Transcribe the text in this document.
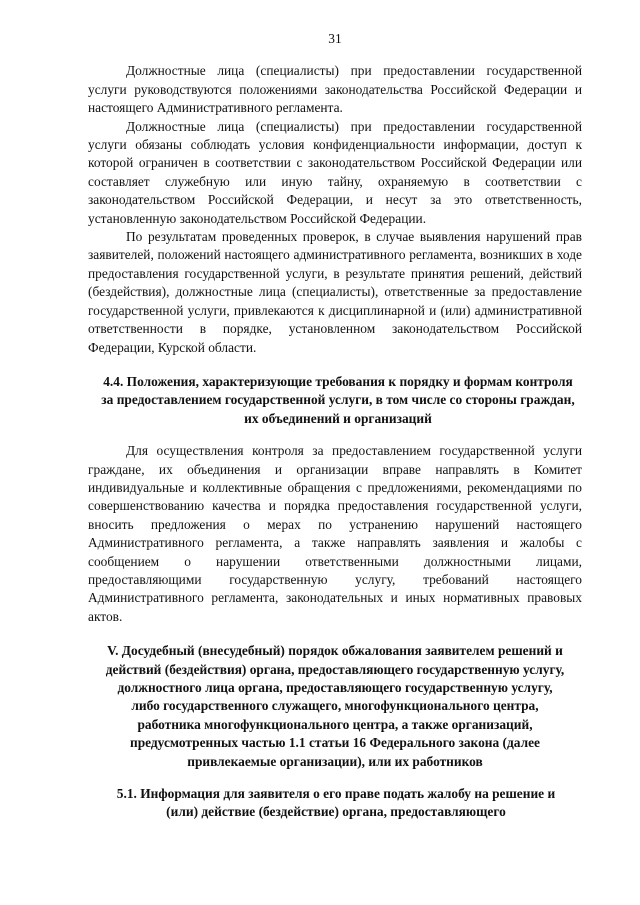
31

Должностные лица (специалисты) при предоставлении государственной услуги руководствуются положениями законодательства Российской Федерации и настоящего Административного регламента.

Должностные лица (специалисты) при предоставлении государственной услуги обязаны соблюдать условия конфиденциальности информации, доступ к которой ограничен в соответствии с законодательством Российской Федерации или составляет служебную или иную тайну, охраняемую в соответствии с законодательством Российской Федерации, и несут за это ответственность, установленную законодательством Российской Федерации.

По результатам проведенных проверок, в случае выявления нарушений прав заявителей, положений настоящего административного регламента, возникших в ходе предоставления государственной услуги, в результате принятия решений, действий (бездействия), должностные лица (специалисты), ответственные за предоставление государственной услуги, привлекаются к дисциплинарной и (или) административной ответственности в порядке, установленном законодательством Российской Федерации, Курской области.

4.4. Положения, характеризующие требования к порядку и формам контроля за предоставлением государственной услуги, в том числе со стороны граждан, их объединений и организаций

Для осуществления контроля за предоставлением государственной услуги граждане, их объединения и организации вправе направлять в Комитет индивидуальные и коллективные обращения с предложениями, рекомендациями по совершенствованию качества и порядка предоставления государственной услуги, вносить предложения о мерах по устранению нарушений настоящего Административного регламента, а также направлять заявления и жалобы с сообщением о нарушении ответственными должностными лицами, предоставляющими государственную услугу, требований настоящего Административного регламента, законодательных и иных нормативных правовых актов.

V. Досудебный (внесудебный) порядок обжалования заявителем решений и действий (бездействия) органа, предоставляющего государственную услугу, должностного лица органа, предоставляющего государственную услугу, либо государственного служащего, многофункционального центра, работника многофункционального центра, а также организаций, предусмотренных частью 1.1 статьи 16 Федерального закона (далее привлекаемые организации), или их работников
5.1. Информация для заявителя о его праве подать жалобу на решение и (или) действие (бездействие) органа, предоставляющего
